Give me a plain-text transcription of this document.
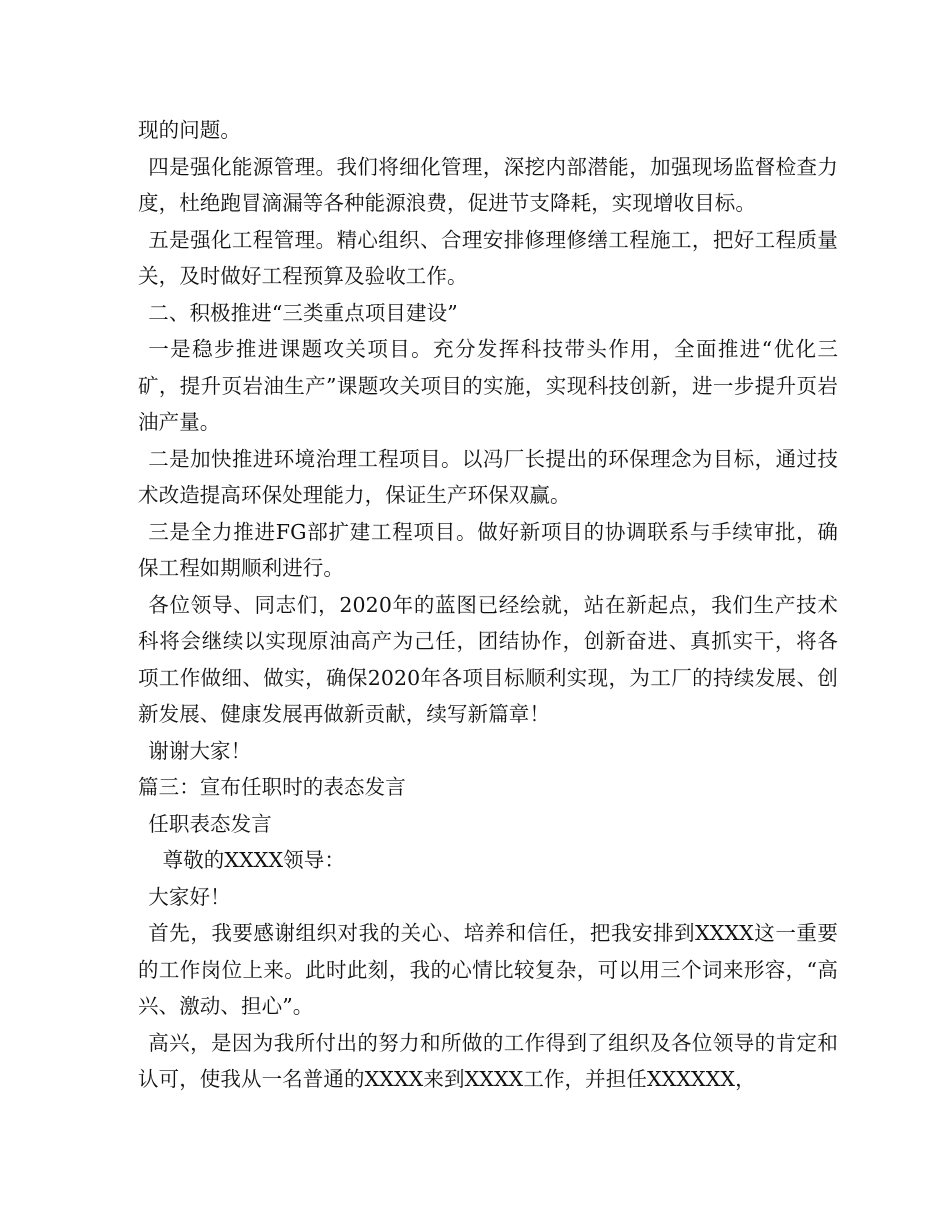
现的问题。

四是强化能源管理。我们将细化管理，深挖内部潜能，加强现场监督检查力度，杜绝跑冒滴漏等各种能源浪费，促进节支降耗，实现增收目标。

五是强化工程管理。精心组织、合理安排修理修缮工程施工，把好工程质量关，及时做好工程预算及验收工作。

二、积极推进“三类重点项目建设”

一是稳步推进课题攻关项目。充分发挥科技带头作用，全面推进“优化三矿，提升页岩油生产”课题攻关项目的实施，实现科技创新，进一步提升页岩油产量。

二是加快推进环境治理工程项目。以冯厂长提出的环保理念为目标，通过技术改造提高环保处理能力，保证生产环保双赢。

三是全力推进FG部扩建工程项目。做好新项目的协调联系与手续审批，确保工程如期顺利进行。

各位领导、同志们，2020年的蓝图已经绘就，站在新起点，我们生产技术科将会继续以实现原油高产为己任，团结协作，创新奋进、真抓实干，将各项工作做细、做实，确保2020年各项目标顺利实现，为工厂的持续发展、创新发展、健康发展再做新贡献，续写新篇章！

谢谢大家！

篇三：宣布任职时的表态发言

任职表态发言

尊敬的XXXX领导：

大家好！

首先，我要感谢组织对我的关心、培养和信任，把我安排到XXXX这一重要的工作岗位上来。此时此刻，我的心情比较复杂，可以用三个词来形容，“高兴、激动、担心”。

高兴，是因为我所付出的努力和所做的工作得到了组织及各位领导的肯定和认可，使我从一名普通的XXXX来到XXXX工作，并担任XXXXXX，
